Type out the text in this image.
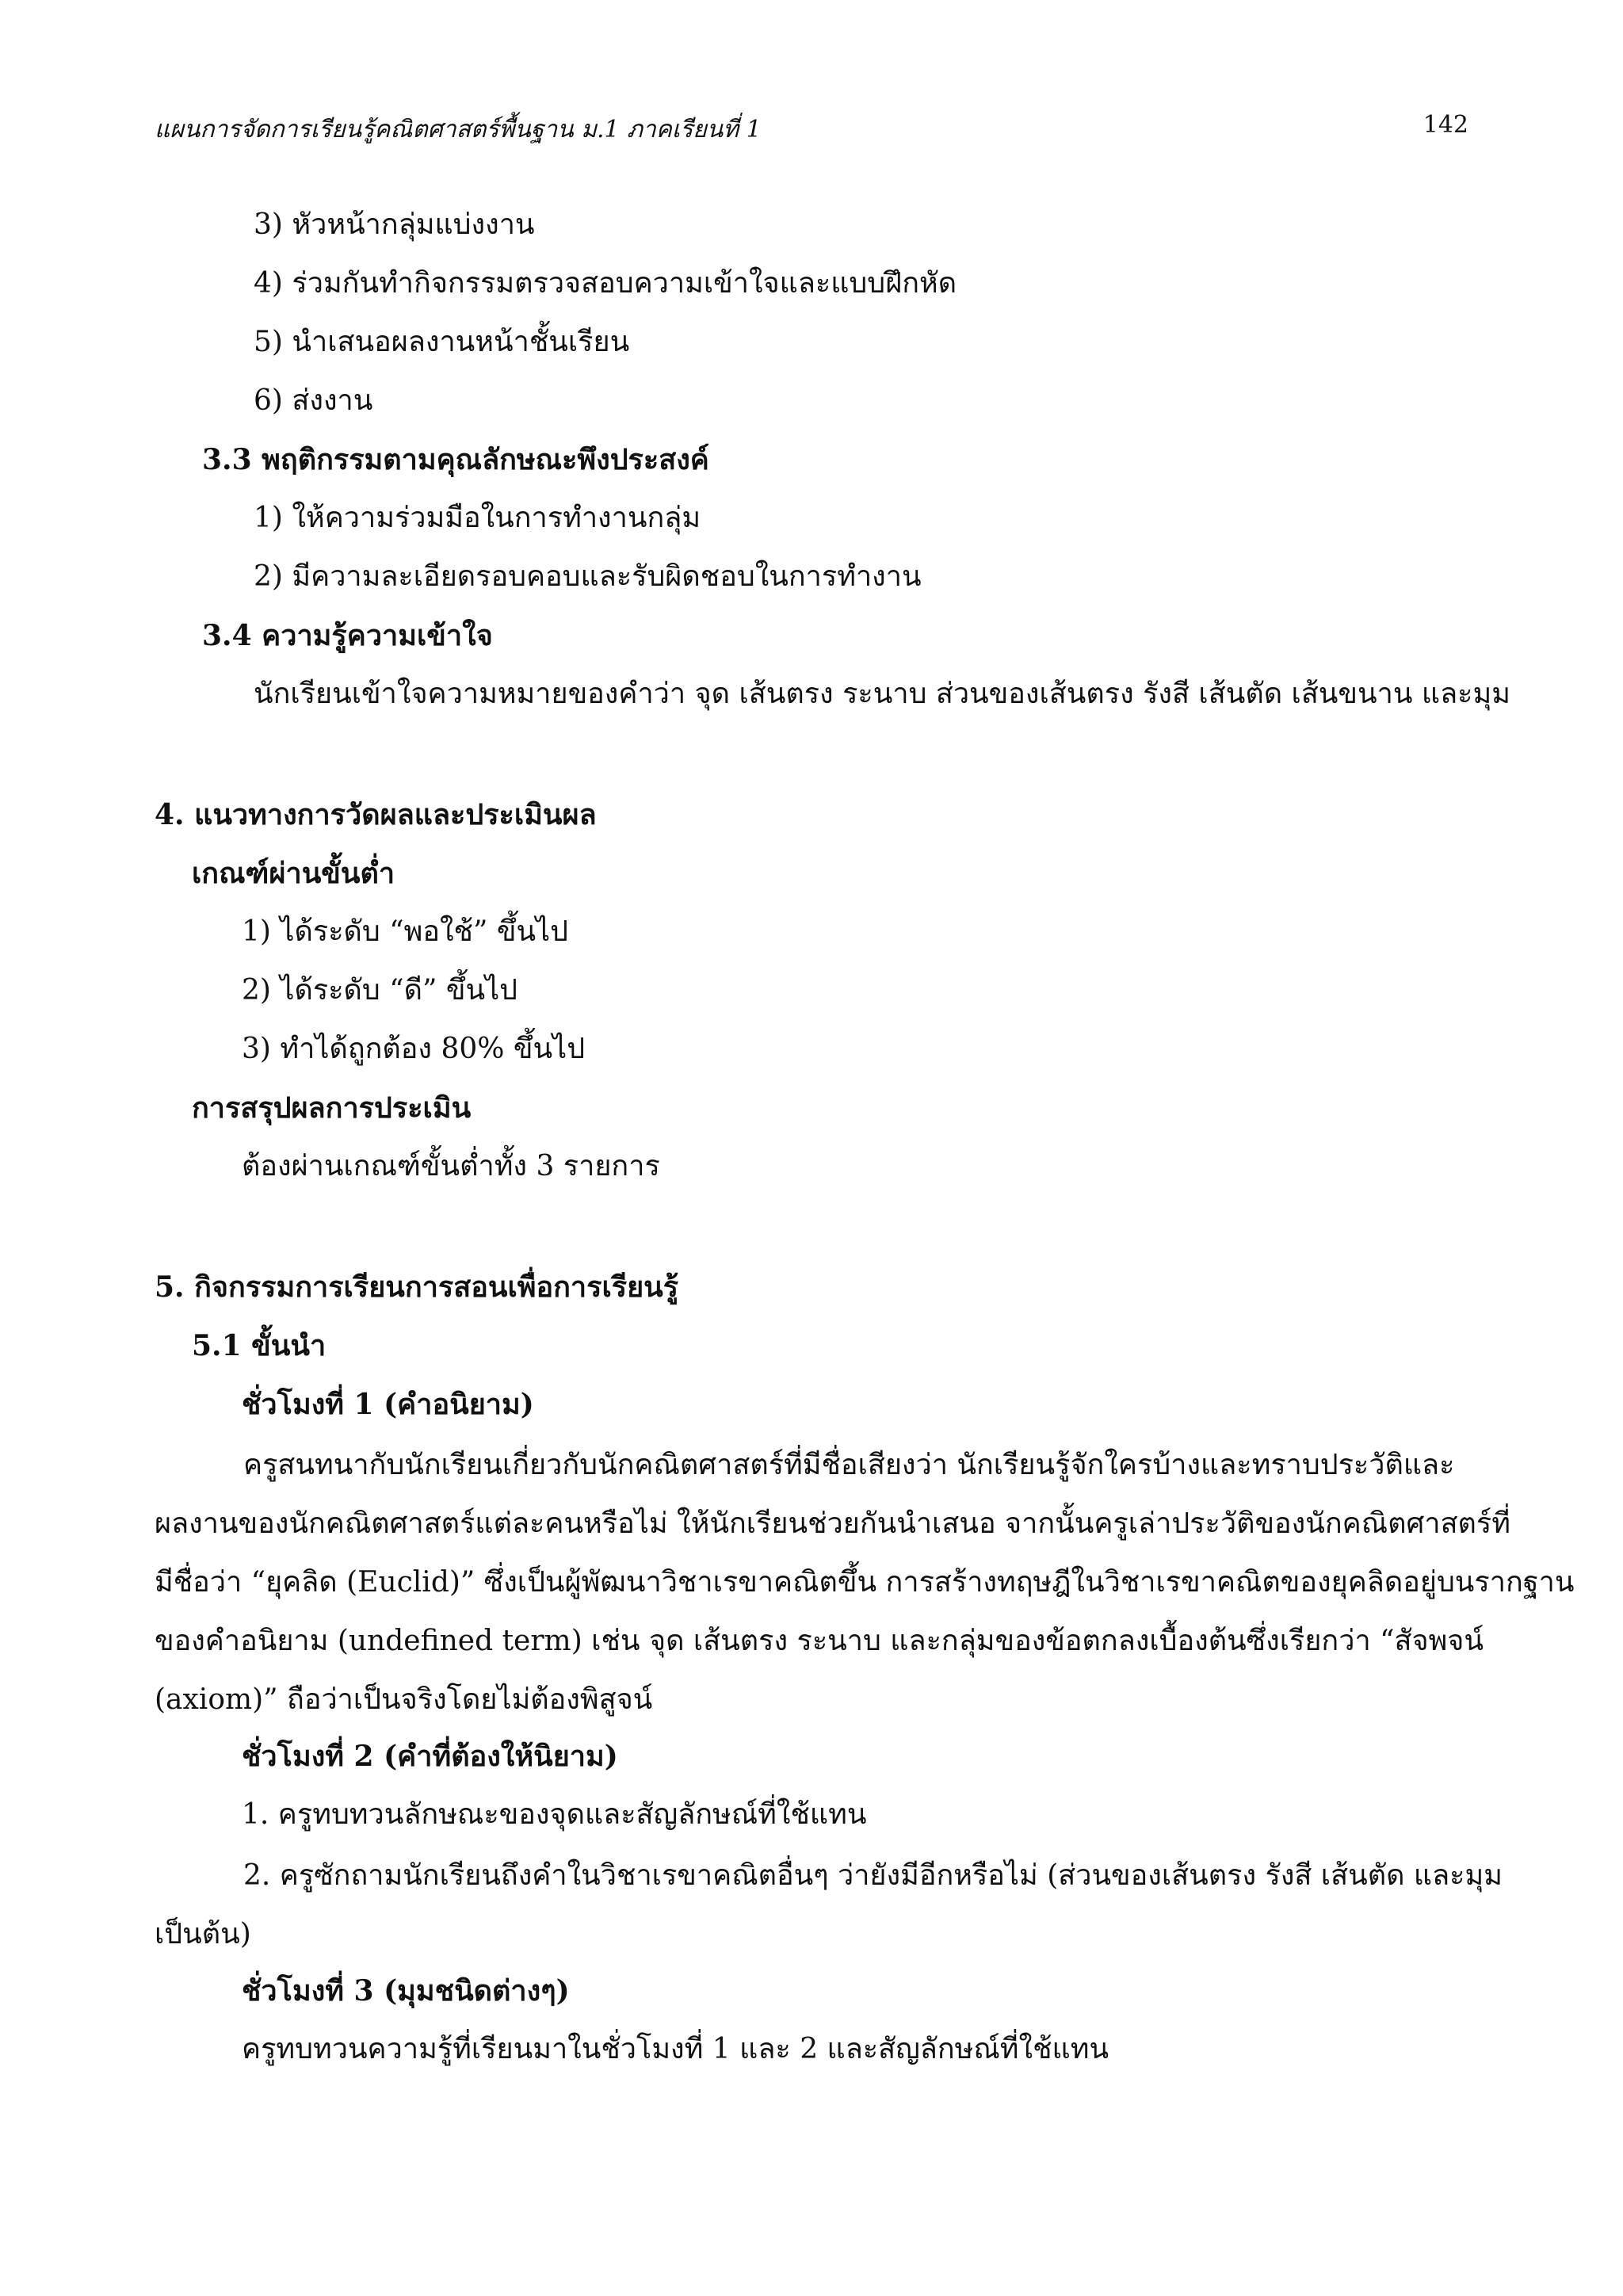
แผนการจัดการเรียนรู้คณิตศาสตร์พื้นฐาน ม.1 ภาคเรียนที่ 1	142
3) หัวหน้ากลุ่มแบ่งงาน
4) ร่วมกันทำกิจกรรมตรวจสอบความเข้าใจและแบบฝึกหัด
5) นำเสนอผลงานหน้าชั้นเรียน
6) ส่งงาน
3.3 พฤติกรรมตามคุณลักษณะพึงประสงค์
1) ให้ความร่วมมือในการทำงานกลุ่ม
2) มีความละเอียดรอบคอบและรับผิดชอบในการทำงาน
3.4 ความรู้ความเข้าใจ
นักเรียนเข้าใจความหมายของคำว่า จุด เส้นตรง ระนาบ ส่วนของเส้นตรง รังสี เส้นตัด เส้นขนาน และมุม
4. แนวทางการวัดผลและประเมินผล
เกณฑ์ผ่านขั้นต่ำ
1) ได้ระดับ “พอใช้” ขึ้นไป
2) ได้ระดับ “ดี” ขึ้นไป
3) ทำได้ถูกต้อง 80% ขึ้นไป
การสรุปผลการประเมิน
ต้องผ่านเกณฑ์ขั้นต่ำทั้ง 3 รายการ
5. กิจกรรมการเรียนการสอนเพื่อการเรียนรู้
5.1 ขั้นนำ
ชั่วโมงที่ 1 (คำอนิยาม)
ครูสนทนากับนักเรียนเกี่ยวกับนักคณิตศาสตร์ที่มีชื่อเสียงว่า นักเรียนรู้จักใครบ้างและทราบประวัติและ
ผลงานของนักคณิตศาสตร์แต่ละคนหรือไม่ ให้นักเรียนช่วยกันนำเสนอ จากนั้นครูเล่าประวัติของนักคณิตศาสตร์ที่
มีชื่อว่า “ยุคลิด (Euclid)” ซึ่งเป็นผู้พัฒนาวิชาเรขาคณิตขึ้น การสร้างทฤษฎีในวิชาเรขาคณิตของยุคลิดอยู่บนรากฐาน
ของคำอนิยาม (undefined term) เช่น จุด เส้นตรง ระนาบ และกลุ่มของข้อตกลงเบื้องต้นซึ่งเรียกว่า “สัจพจน์
(axiom)” ถือว่าเป็นจริงโดยไม่ต้องพิสูจน์
ชั่วโมงที่ 2 (คำที่ต้องให้นิยาม)
1. ครูทบทวนลักษณะของจุดและสัญลักษณ์ที่ใช้แทน
2. ครูซักถามนักเรียนถึงคำในวิชาเรขาคณิตอื่นๆ ว่ายังมีอีกหรือไม่ (ส่วนของเส้นตรง รังสี เส้นตัด และมุม
เป็นต้น)
ชั่วโมงที่ 3 (มุมชนิดต่างๆ)
ครูทบทวนความรู้ที่เรียนมาในชั่วโมงที่ 1 และ 2 และสัญลักษณ์ที่ใช้แทน
